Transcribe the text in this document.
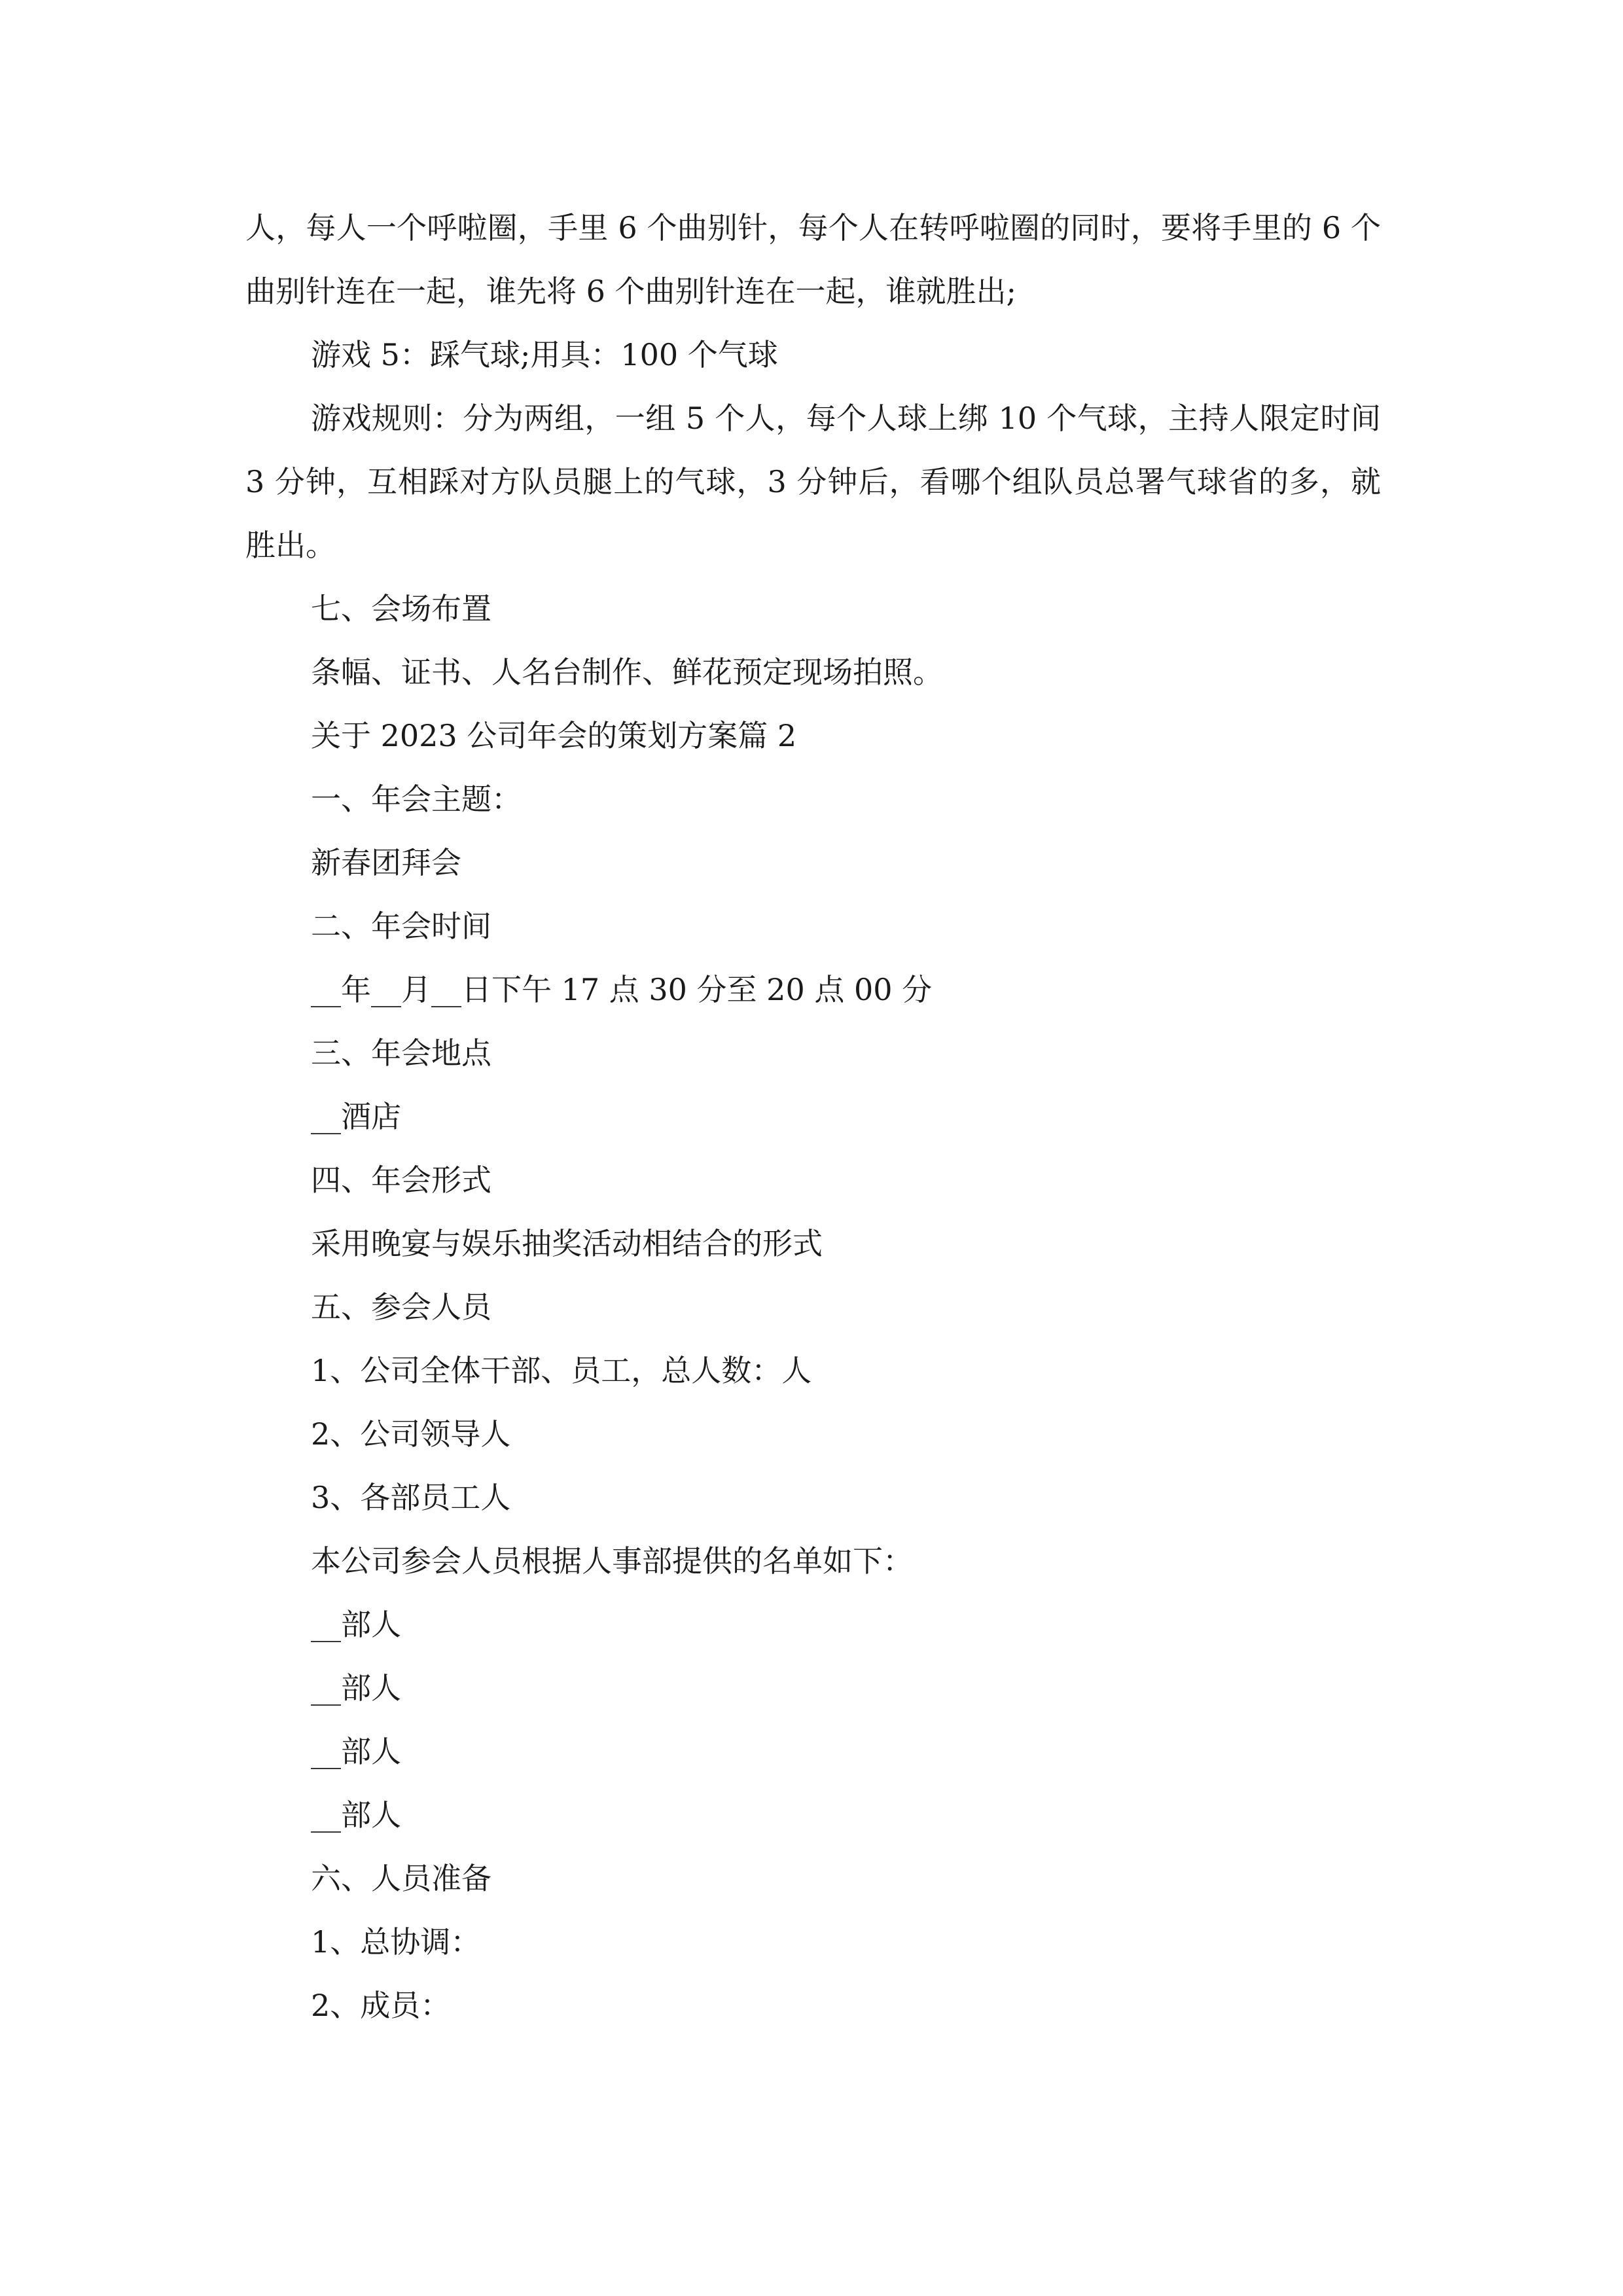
人，每人一个呼啦圈，手里 6 个曲别针，每个人在转呼啦圈的同时，要将手里的 6 个曲别针连在一起，谁先将 6 个曲别针连在一起，谁就胜出;

游戏 5：踩气球;用具：100 个气球

游戏规则：分为两组，一组 5 个人，每个人球上绑 10 个气球，主持人限定时间 3 分钟，互相踩对方队员腿上的气球，3 分钟后，看哪个组队员总署气球省的多，就胜出。

七、会场布置

条幅、证书、人名台制作、鲜花预定现场拍照。

关于 2023 公司年会的策划方案篇 2

一、年会主题：

新春团拜会

二、年会时间

__年__月__日下午 17 点 30 分至 20 点 00 分

三、年会地点

__酒店

四、年会形式

采用晚宴与娱乐抽奖活动相结合的形式

五、参会人员

1、公司全体干部、员工，总人数：人

2、公司领导人

3、各部员工人

本公司参会人员根据人事部提供的名单如下：

__部人

__部人

__部人

__部人

六、人员准备

1、总协调：

2、成员：
